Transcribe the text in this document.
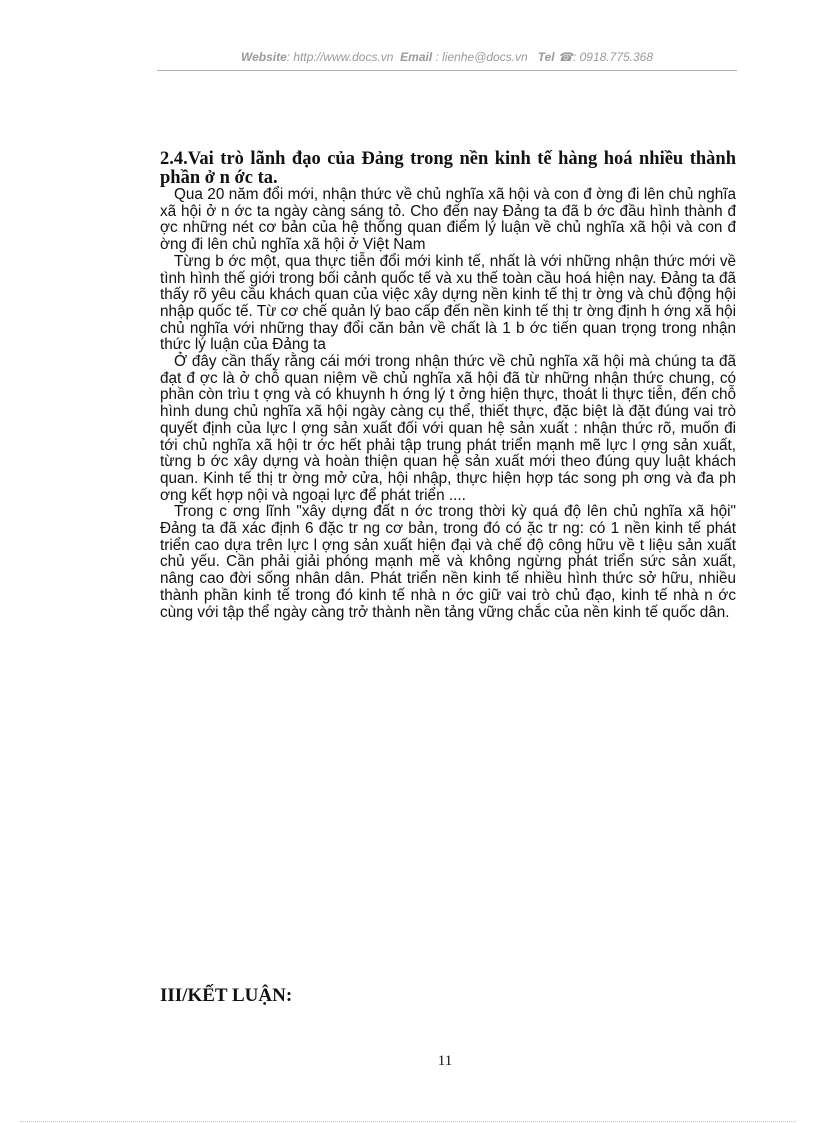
Website: http://www.docs.vn Email : lienhe@docs.vn Tel ☎: 0918.775.368
2.4.Vai trò lãnh đạo của Đảng trong nền kinh tế hàng hoá nhiều thành phần ở n ớc ta.

Qua 20 năm đổi mới, nhận thức về chủ nghĩa xã hội và con đ ờng đi lên chủ nghĩa xã hội ở n ớc ta ngày càng sáng tỏ. Cho đến nay Đảng ta đã b ớc đầu hình thành đ ợc những nét cơ bản của hệ thống quan điểm lý luận về chủ nghĩa xã hội và con đ ờng đi lên chủ nghĩa xã hội ở Việt Nam

Từng b ớc một, qua thực tiễn đổi mới kinh tế, nhất là với những nhận thức mới về tình hình thế giới trong bối cảnh quốc tế và xu thế toàn cầu hoá hiện nay. Đảng ta đã thấy rõ yêu cầu khách quan của việc xây dựng nền kinh tế thị tr ờng và chủ động hội nhập quốc tế. Từ cơ chế quản lý bao cấp đến nền kinh tế thị tr ờng định h ớng xã hội chủ nghĩa với những thay đổi căn bản về chất là 1 b ớc tiến quan trọng trong nhận thức lý luận của Đảng ta

Ở đây cần thấy rằng cái mới trong nhận thức về chủ nghĩa xã hội mà chúng ta đã đạt đ ợc là ở chỗ quan niệm về chủ nghĩa xã hội đã từ những nhận thức chung, có phần còn trìu t ợng và có khuynh h ớng lý t ởng hiện thực, thoát li thực tiễn, đến chỗ hình dung chủ nghĩa xã hội ngày càng cụ thể, thiết thực, đặc biệt là đặt đúng vai trò quyết định của lực l ợng sản xuất đối với quan hệ sản xuất : nhận thức rõ, muốn đi tới chủ nghĩa xã hội tr ớc hết phải tập trung phát triển mạnh mẽ lực l ợng sản xuất, từng b ớc xây dựng và hoàn thiện quan hệ sản xuất mới theo đúng quy luật khách quan. Kinh tế thị tr ờng mở cửa, hội nhập, thực hiện hợp tác song ph ơng và đa ph ơng kết hợp nội và ngoại lực để phát triển ....

Trong c ơng lĩnh "xây dựng đất n ớc trong thời kỳ quá độ lên chủ nghĩa xã hội" Đảng ta đã xác định 6 đặc tr ng cơ bản, trong đó có ặc tr ng: có 1 nền kinh tế phát triển cao dựa trên lực l ợng sản xuất hiện đại và chế độ công hữu về t liệu sản xuất chủ yếu. Cần phải giải phóng mạnh mẽ và không ngừng phát triển sức sản xuất, nâng cao đời sống nhân dân. Phát triển nền kinh tế nhiều hình thức sở hữu, nhiều thành phần kinh tế trong đó kinh tế nhà n ớc giữ vai trò chủ đạo, kinh tế nhà n ớc cùng với tập thể ngày càng trở thành nền tảng vững chắc của nền kinh tế quốc dân.

III/KẾT LUẬN:
11
